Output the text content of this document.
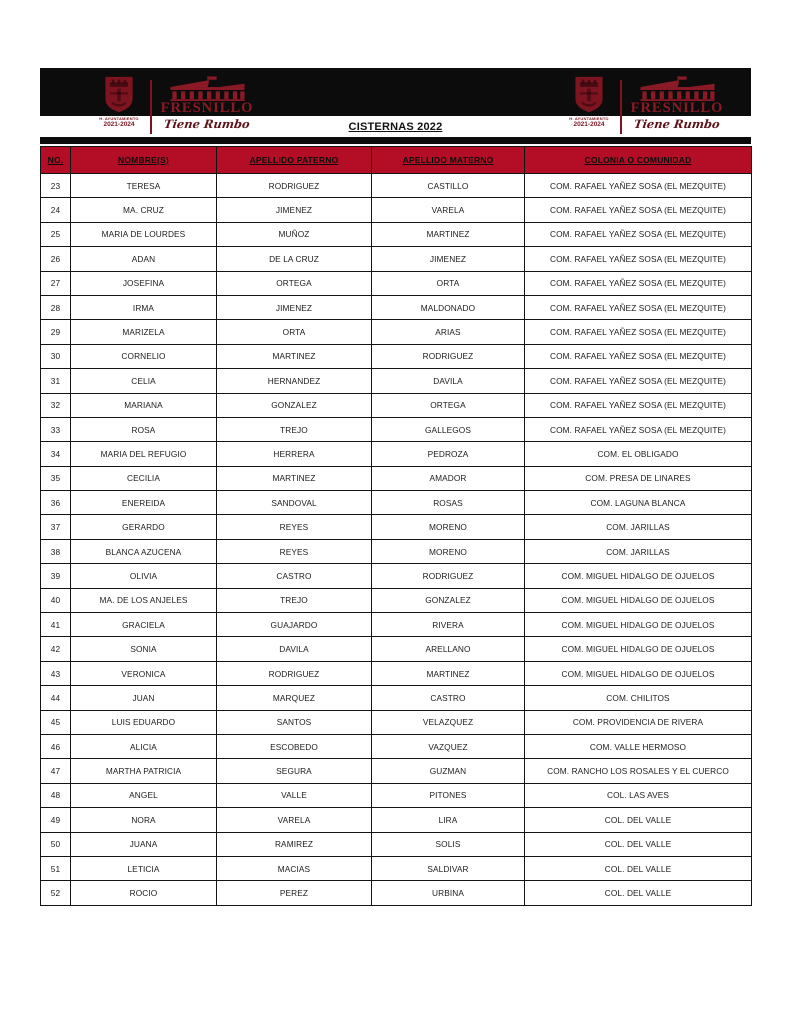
H. AYUNTAMIENTO
2021-2024
FRESNILLO
Tiene Rumbo	H. AYUNTAMIENTO
2021-2024
FRESNILLO
Tiene Rumbo
CISTERNAS 2022
NO.	NOMBRE(S)	APELLIDO PATERNO	APELLIDO MATERNO	COLONIA O COMUNIDAD
23	TERESA	RODRIGUEZ	CASTILLO	COM. RAFAEL YAÑEZ SOSA (EL MEZQUITE)
24	MA. CRUZ	JIMENEZ	VARELA	COM. RAFAEL YAÑEZ SOSA (EL MEZQUITE)
25	MARIA DE LOURDES	MUÑOZ	MARTINEZ	COM. RAFAEL YAÑEZ SOSA (EL MEZQUITE)
26	ADAN	DE LA CRUZ	JIMENEZ	COM. RAFAEL YAÑEZ SOSA (EL MEZQUITE)
27	JOSEFINA	ORTEGA	ORTA	COM. RAFAEL YAÑEZ SOSA (EL MEZQUITE)
28	IRMA	JIMENEZ	MALDONADO	COM. RAFAEL YAÑEZ SOSA (EL MEZQUITE)
29	MARIZELA	ORTA	ARIAS	COM. RAFAEL YAÑEZ SOSA (EL MEZQUITE)
30	CORNELIO	MARTINEZ	RODRIGUEZ	COM. RAFAEL YAÑEZ SOSA (EL MEZQUITE)
31	CELIA	HERNANDEZ	DAVILA	COM. RAFAEL YAÑEZ SOSA (EL MEZQUITE)
32	MARIANA	GONZALEZ	ORTEGA	COM. RAFAEL YAÑEZ SOSA (EL MEZQUITE)
33	ROSA	TREJO	GALLEGOS	COM. RAFAEL YAÑEZ SOSA (EL MEZQUITE)
34	MARIA DEL REFUGIO	HERRERA	PEDROZA	COM. EL OBLIGADO
35	CECILIA	MARTINEZ	AMADOR	COM. PRESA DE LINARES
36	ENEREIDA	SANDOVAL	ROSAS	COM. LAGUNA BLANCA
37	GERARDO	REYES	MORENO	COM. JARILLAS
38	BLANCA AZUCENA	REYES	MORENO	COM. JARILLAS
39	OLIVIA	CASTRO	RODRIGUEZ	COM. MIGUEL HIDALGO DE OJUELOS
40	MA. DE LOS ANJELES	TREJO	GONZALEZ	COM. MIGUEL HIDALGO DE OJUELOS
41	GRACIELA	GUAJARDO	RIVERA	COM. MIGUEL HIDALGO DE OJUELOS
42	SONIA	DAVILA	ARELLANO	COM. MIGUEL HIDALGO DE OJUELOS
43	VERONICA	RODRIGUEZ	MARTINEZ	COM. MIGUEL HIDALGO DE OJUELOS
44	JUAN	MARQUEZ	CASTRO	COM. CHILITOS
45	LUIS EDUARDO	SANTOS	VELAZQUEZ	COM. PROVIDENCIA DE RIVERA
46	ALICIA	ESCOBEDO	VAZQUEZ	COM. VALLE HERMOSO
47	MARTHA PATRICIA	SEGURA	GUZMAN	COM. RANCHO LOS ROSALES Y EL CUERCO
48	ANGEL	VALLE	PITONES	COL. LAS AVES
49	NORA	VARELA	LIRA	COL. DEL VALLE
50	JUANA	RAMIREZ	SOLIS	COL. DEL VALLE
51	LETICIA	MACIAS	SALDIVAR	COL. DEL VALLE
52	ROCIO	PEREZ	URBINA	COL. DEL VALLE
